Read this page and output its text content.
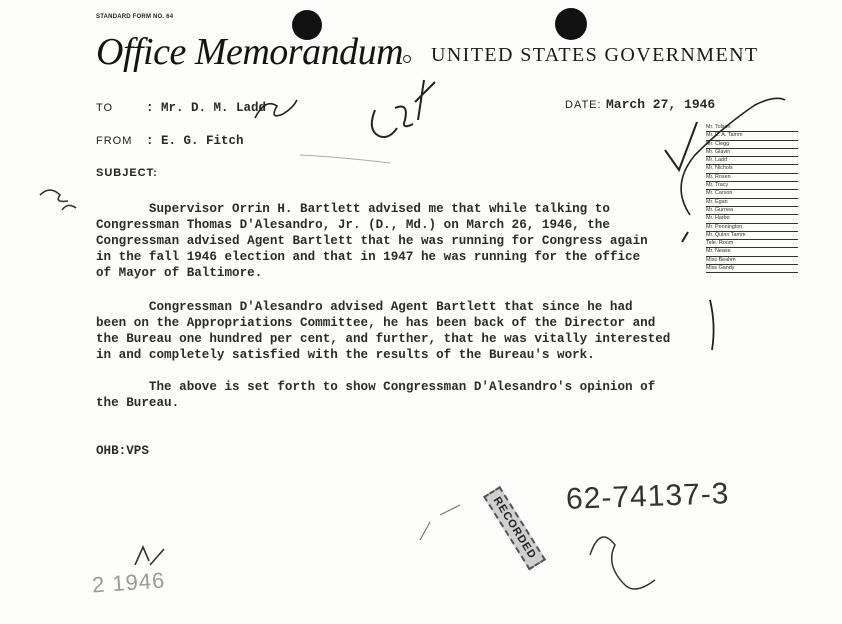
STANDARD FORM NO. 64
Office Memorandum UNITED STATES GOVERNMENT
TO	: Mr. D. M. Ladd
FROM : E. G. Fitch
SUBJECT:
DATE: March 27, 1946
Mr. Tolson
Mr. E. A. Tamm
Mr. Clegg
Mr. Glavin
Mr. Ladd
Mr. Nichols
Mr. Rosen
Mr. Tracy
Mr. Carson
Mr. Egan
Mr. Gurnea
Mr. Harbo
Mr. Pennington
Mr. Quinn Tamm
Tele. Room
Mr. Nease
Miss Beahm
Miss Gandy
Supervisor Orrin H. Bartlett advised me that while talking to
Congressman Thomas D'Alesandro, Jr. (D., Md.) on March 26, 1946, the
Congressman advised Agent Bartlett that he was running for Congress again
in the fall 1946 election and that in 1947 he was running for the office
of Mayor of Baltimore.
Congressman D'Alesandro advised Agent Bartlett that since he had
been on the Appropriations Committee, he has been back of the Director and
the Bureau one hundred per cent, and further, that he was vitally interested
in and completely satisfied with the results of the Bureau's work.
The above is set forth to show Congressman D'Alesandro's opinion of
the Bureau.
OHB:VPS
RECORDED 62-74137-3
2 1946
